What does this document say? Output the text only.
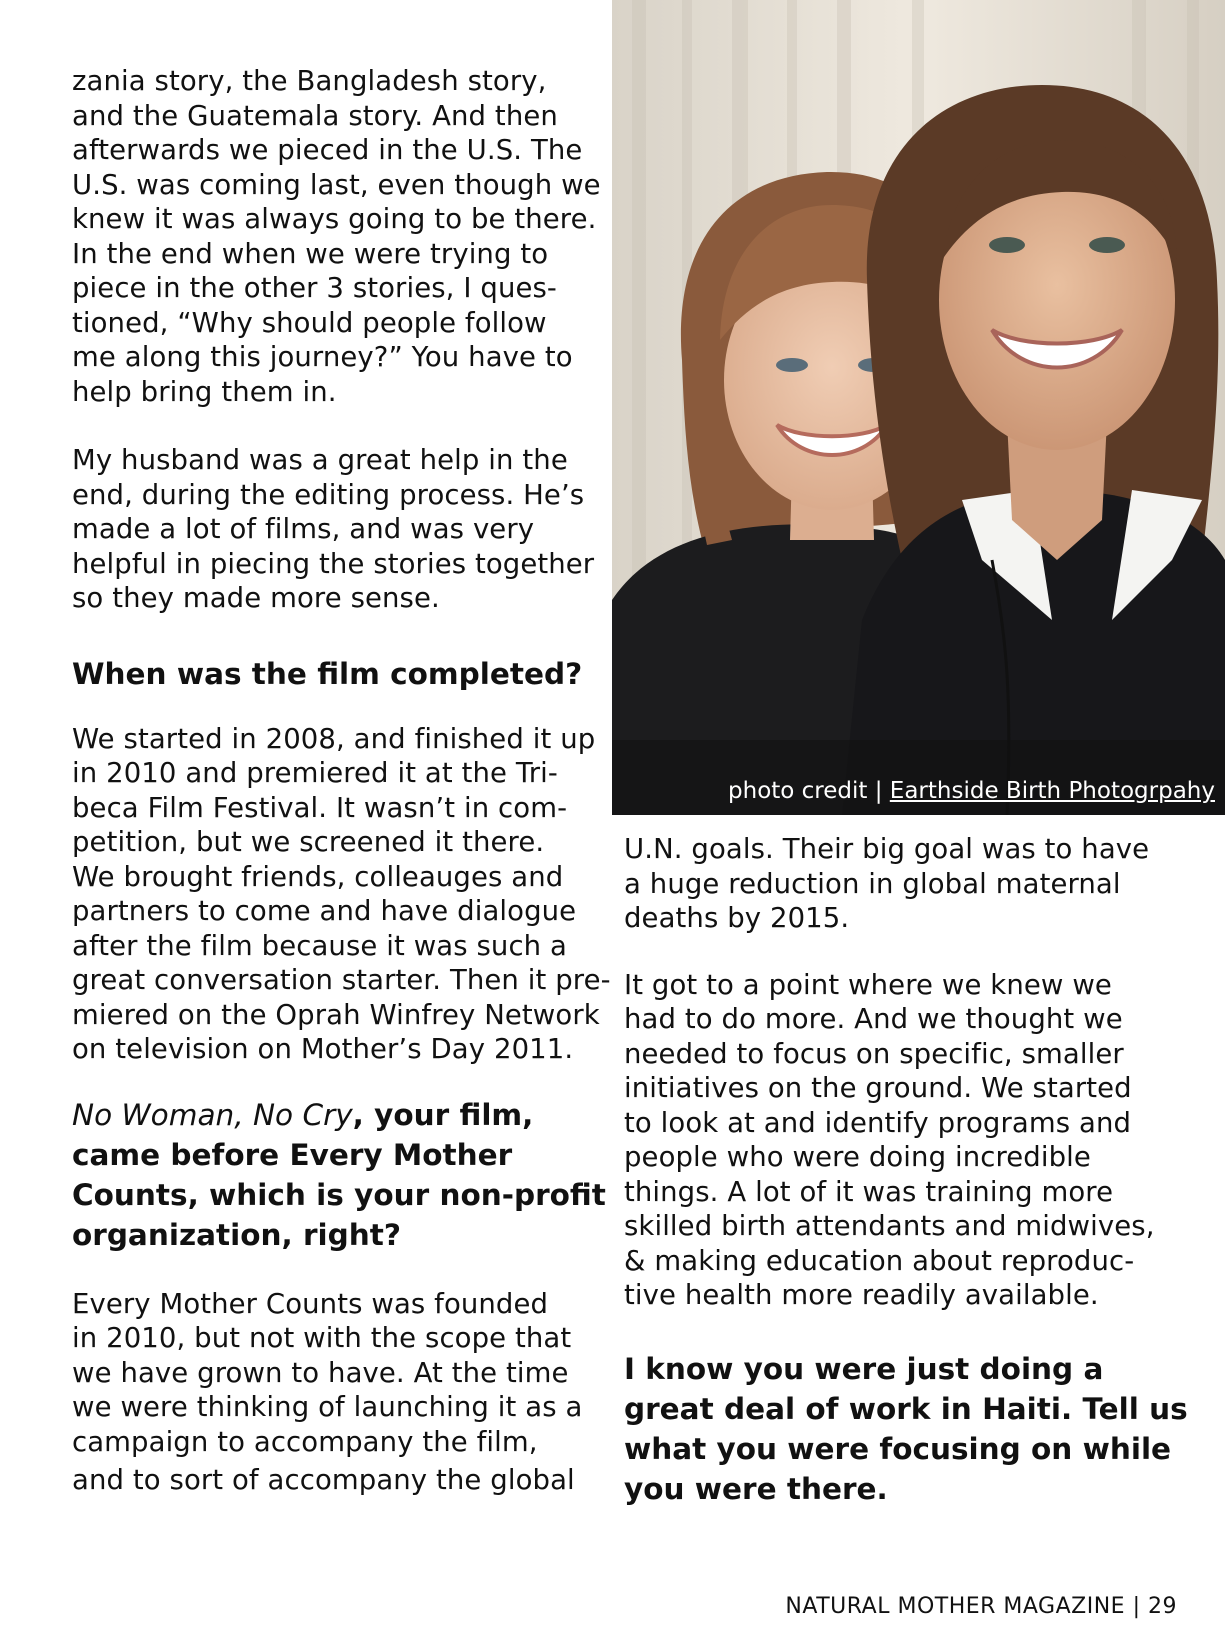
zania story, the Bangladesh story,
and the Guatemala story. And then
afterwards we pieced in the U.S. The
U.S. was coming last, even though we
knew it was always going to be there.
In the end when we were trying to
piece in the other 3 stories, I ques-
tioned, “Why should people follow
me along this journey?” You have to
help bring them in.

My husband was a great help in the
end, during the editing process. He’s
made a lot of films, and was very
helpful in piecing the stories together
so they made more sense.

When was the film completed?

We started in 2008, and finished it up
in 2010 and premiered it at the Tri-
beca Film Festival. It wasn’t in com-
petition, but we screened it there.
We brought friends, colleauges and
partners to come and have dialogue
after the film because it was such a
great conversation starter. Then it pre-
miered on the Oprah Winfrey Network
on television on Mother’s Day 2011.

No Woman, No Cry, your film,
came before Every Mother
Counts, which is your non-profit
organization, right?

Every Mother Counts was founded
in 2010, but not with the scope that
we have grown to have. At the time
we were thinking of launching it as a
campaign to accompany the film,
and to sort of accompany the global

photo credit | Earthside Birth Photogrpahy

U.N. goals. Their big goal was to have
a huge reduction in global maternal
deaths by 2015.

It got to a point where we knew we
had to do more. And we thought we
needed to focus on specific, smaller
initiatives on the ground. We started
to look at and identify programs and
people who were doing incredible
things. A lot of it was training more
skilled birth attendants and midwives,
& making education about reproduc-
tive health more readily available.

I know you were just doing a
great deal of work in Haiti. Tell us
what you were focusing on while
you were there.
NATURAL MOTHER MAGAZINE | 29
